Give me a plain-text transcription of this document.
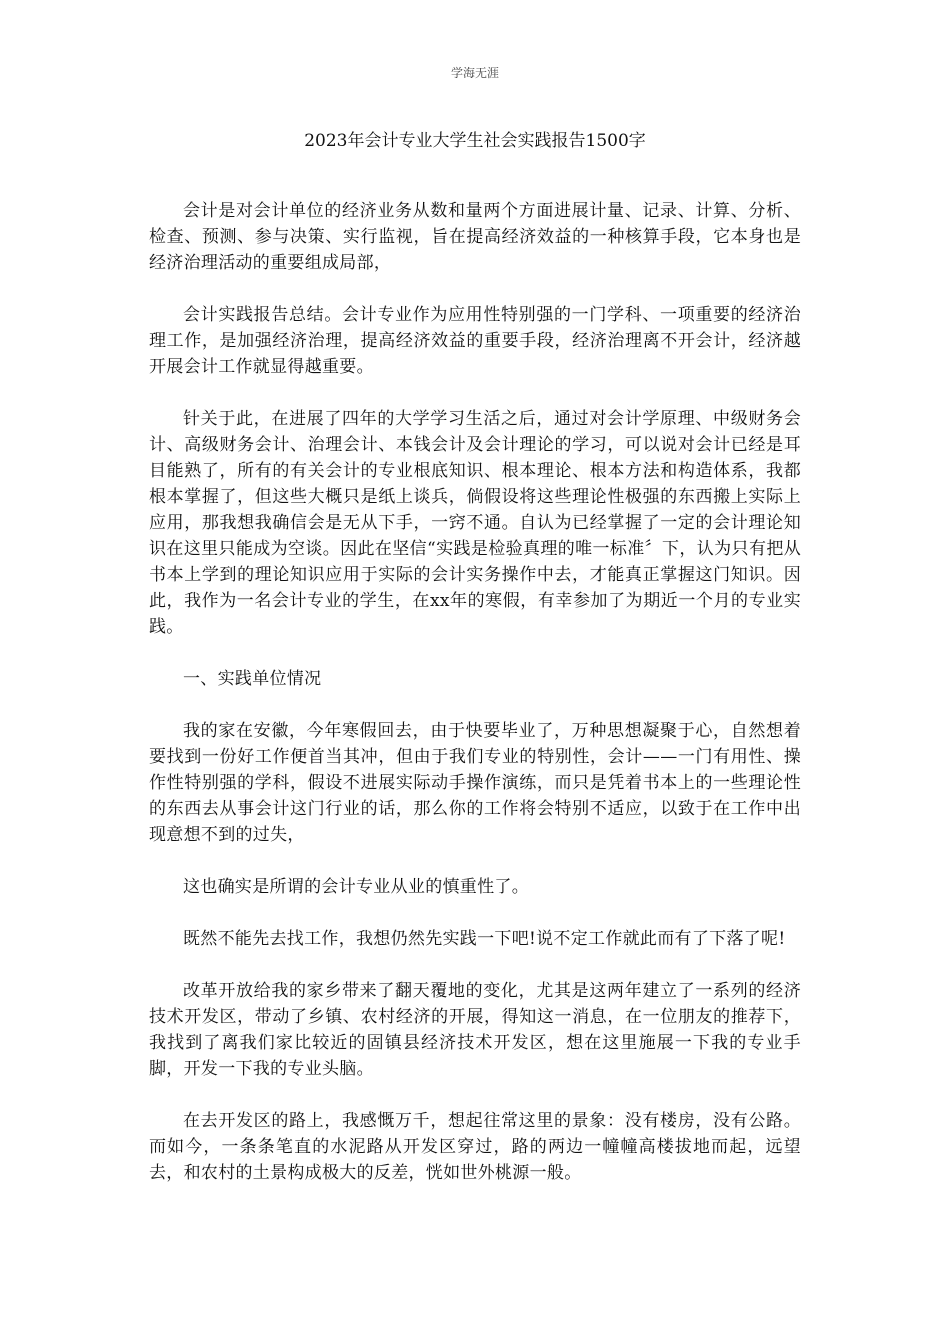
学海无涯
2023年会计专业大学生社会实践报告1500字

会计是对会计单位的经济业务从数和量两个方面进展计量、记录、计算、分析、检查、预测、参与决策、实行监视，旨在提高经济效益的一种核算手段，它本身也是经济治理活动的重要组成局部，

会计实践报告总结。会计专业作为应用性特别强的一门学科、一项重要的经济治理工作，是加强经济治理，提高经济效益的重要手段，经济治理离不开会计，经济越开展会计工作就显得越重要。

针关于此，在进展了四年的大学学习生活之后，通过对会计学原理、中级财务会计、高级财务会计、治理会计、本钱会计及会计理论的学习，可以说对会计已经是耳目能熟了，所有的有关会计的专业根底知识、根本理论、根本方法和构造体系，我都根本掌握了，但这些大概只是纸上谈兵，倘假设将这些理论性极强的东西搬上实际上应用，那我想我确信会是无从下手，一窍不通。自认为已经掌握了一定的会计理论知识在这里只能成为空谈。因此在坚信“实践是检验真理的唯一标准〞下，认为只有把从书本上学到的理论知识应用于实际的会计实务操作中去，才能真正掌握这门知识。因此，我作为一名会计专业的学生，在xx年的寒假，有幸参加了为期近一个月的专业实践。

一、实践单位情况

我的家在安徽，今年寒假回去，由于快要毕业了，万种思想凝聚于心，自然想着要找到一份好工作便首当其冲，但由于我们专业的特别性，会计——一门有用性、操作性特别强的学科，假设不进展实际动手操作演练，而只是凭着书本上的一些理论性的东西去从事会计这门行业的话，那么你的工作将会特别不适应，以致于在工作中出现意想不到的过失，

这也确实是所谓的会计专业从业的慎重性了。

既然不能先去找工作，我想仍然先实践一下吧!说不定工作就此而有了下落了呢!

改革开放给我的家乡带来了翻天覆地的变化，尤其是这两年建立了一系列的经济技术开发区，带动了乡镇、农村经济的开展，得知这一消息，在一位朋友的推荐下，我找到了离我们家比较近的固镇县经济技术开发区，想在这里施展一下我的专业手脚，开发一下我的专业头脑。

在去开发区的路上，我感慨万千，想起往常这里的景象：没有楼房，没有公路。而如今，一条条笔直的水泥路从开发区穿过，路的两边一幢幢高楼拔地而起，远望去，和农村的土景构成极大的反差，恍如世外桃源一般。
